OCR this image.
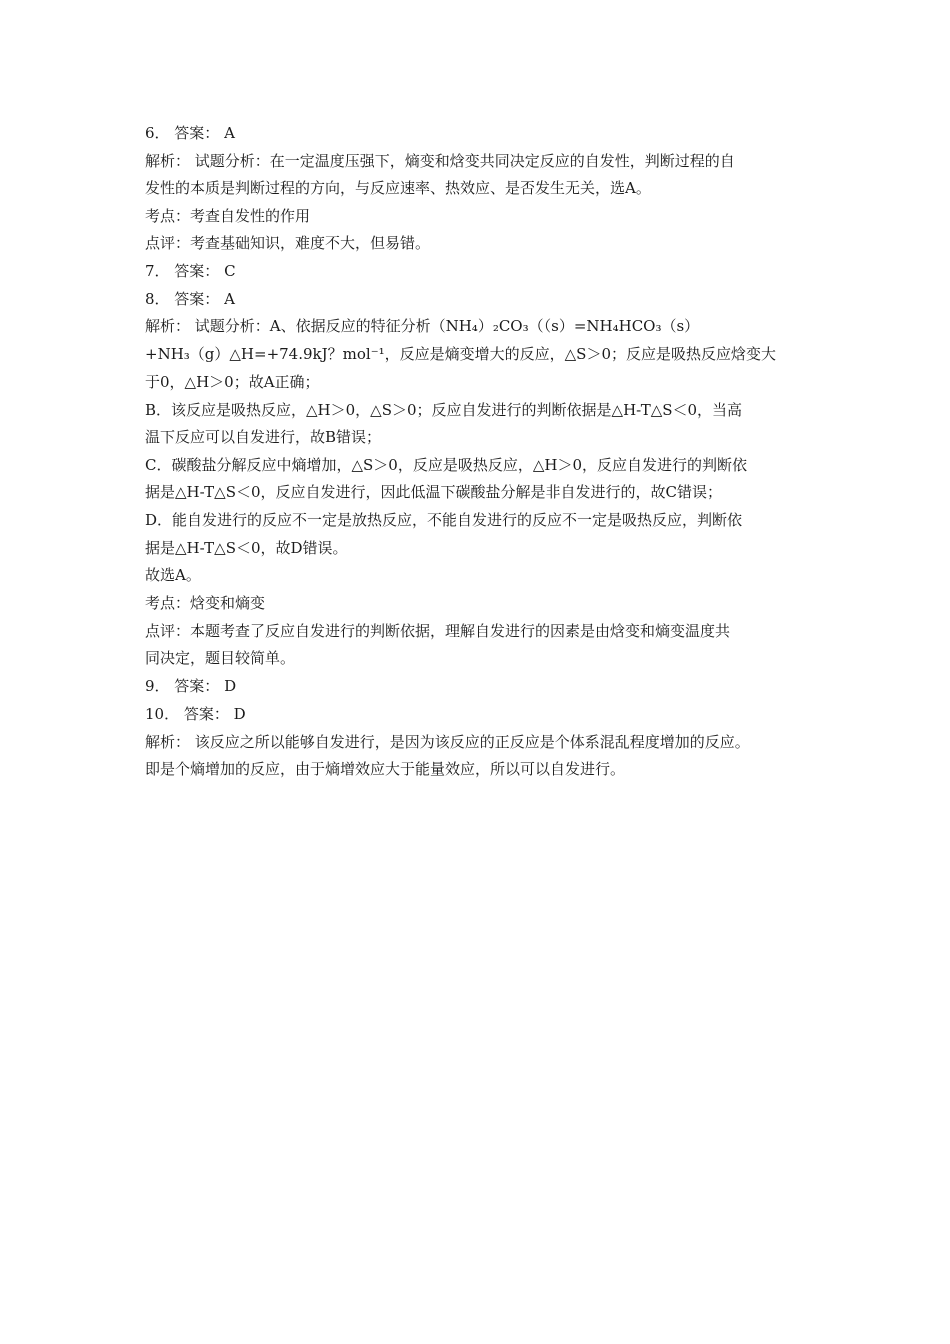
6． 答案： A
解析： 试题分析：在一定温度压强下，熵变和焓变共同决定反应的自发性，判断过程的自
发性的本质是判断过程的方向，与反应速率、热效应、是否发生无关，选A。
考点：考查自发性的作用
点评：考查基础知识，难度不大，但易错。
7． 答案： C
8． 答案： A
解析： 试题分析：A、依据反应的特征分析（NH₄）₂CO₃（（s）=NH₄HCO₃（s）
+NH₃（g）△H=+74.9kJ？mol⁻¹，反应是熵变增大的反应，△S＞0；反应是吸热反应焓变大
于0，△H＞0；故A正确；
B．该反应是吸热反应，△H＞0，△S＞0；反应自发进行的判断依据是△H-T△S＜0，当高
温下反应可以自发进行，故B错误；
C．碳酸盐分解反应中熵增加，△S＞0，反应是吸热反应，△H＞0，反应自发进行的判断依
据是△H-T△S＜0，反应自发进行，因此低温下碳酸盐分解是非自发进行的，故C错误；
D．能自发进行的反应不一定是放热反应，不能自发进行的反应不一定是吸热反应，判断依
据是△H-T△S＜0，故D错误。
故选A。
考点：焓变和熵变
点评：本题考查了反应自发进行的判断依据，理解自发进行的因素是由焓变和熵变温度共
同决定，题目较简单。
9． 答案： D
10． 答案： D
解析： 该反应之所以能够自发进行，是因为该反应的正反应是个体系混乱程度增加的反应。
即是个熵增加的反应，由于熵增效应大于能量效应，所以可以自发进行。
